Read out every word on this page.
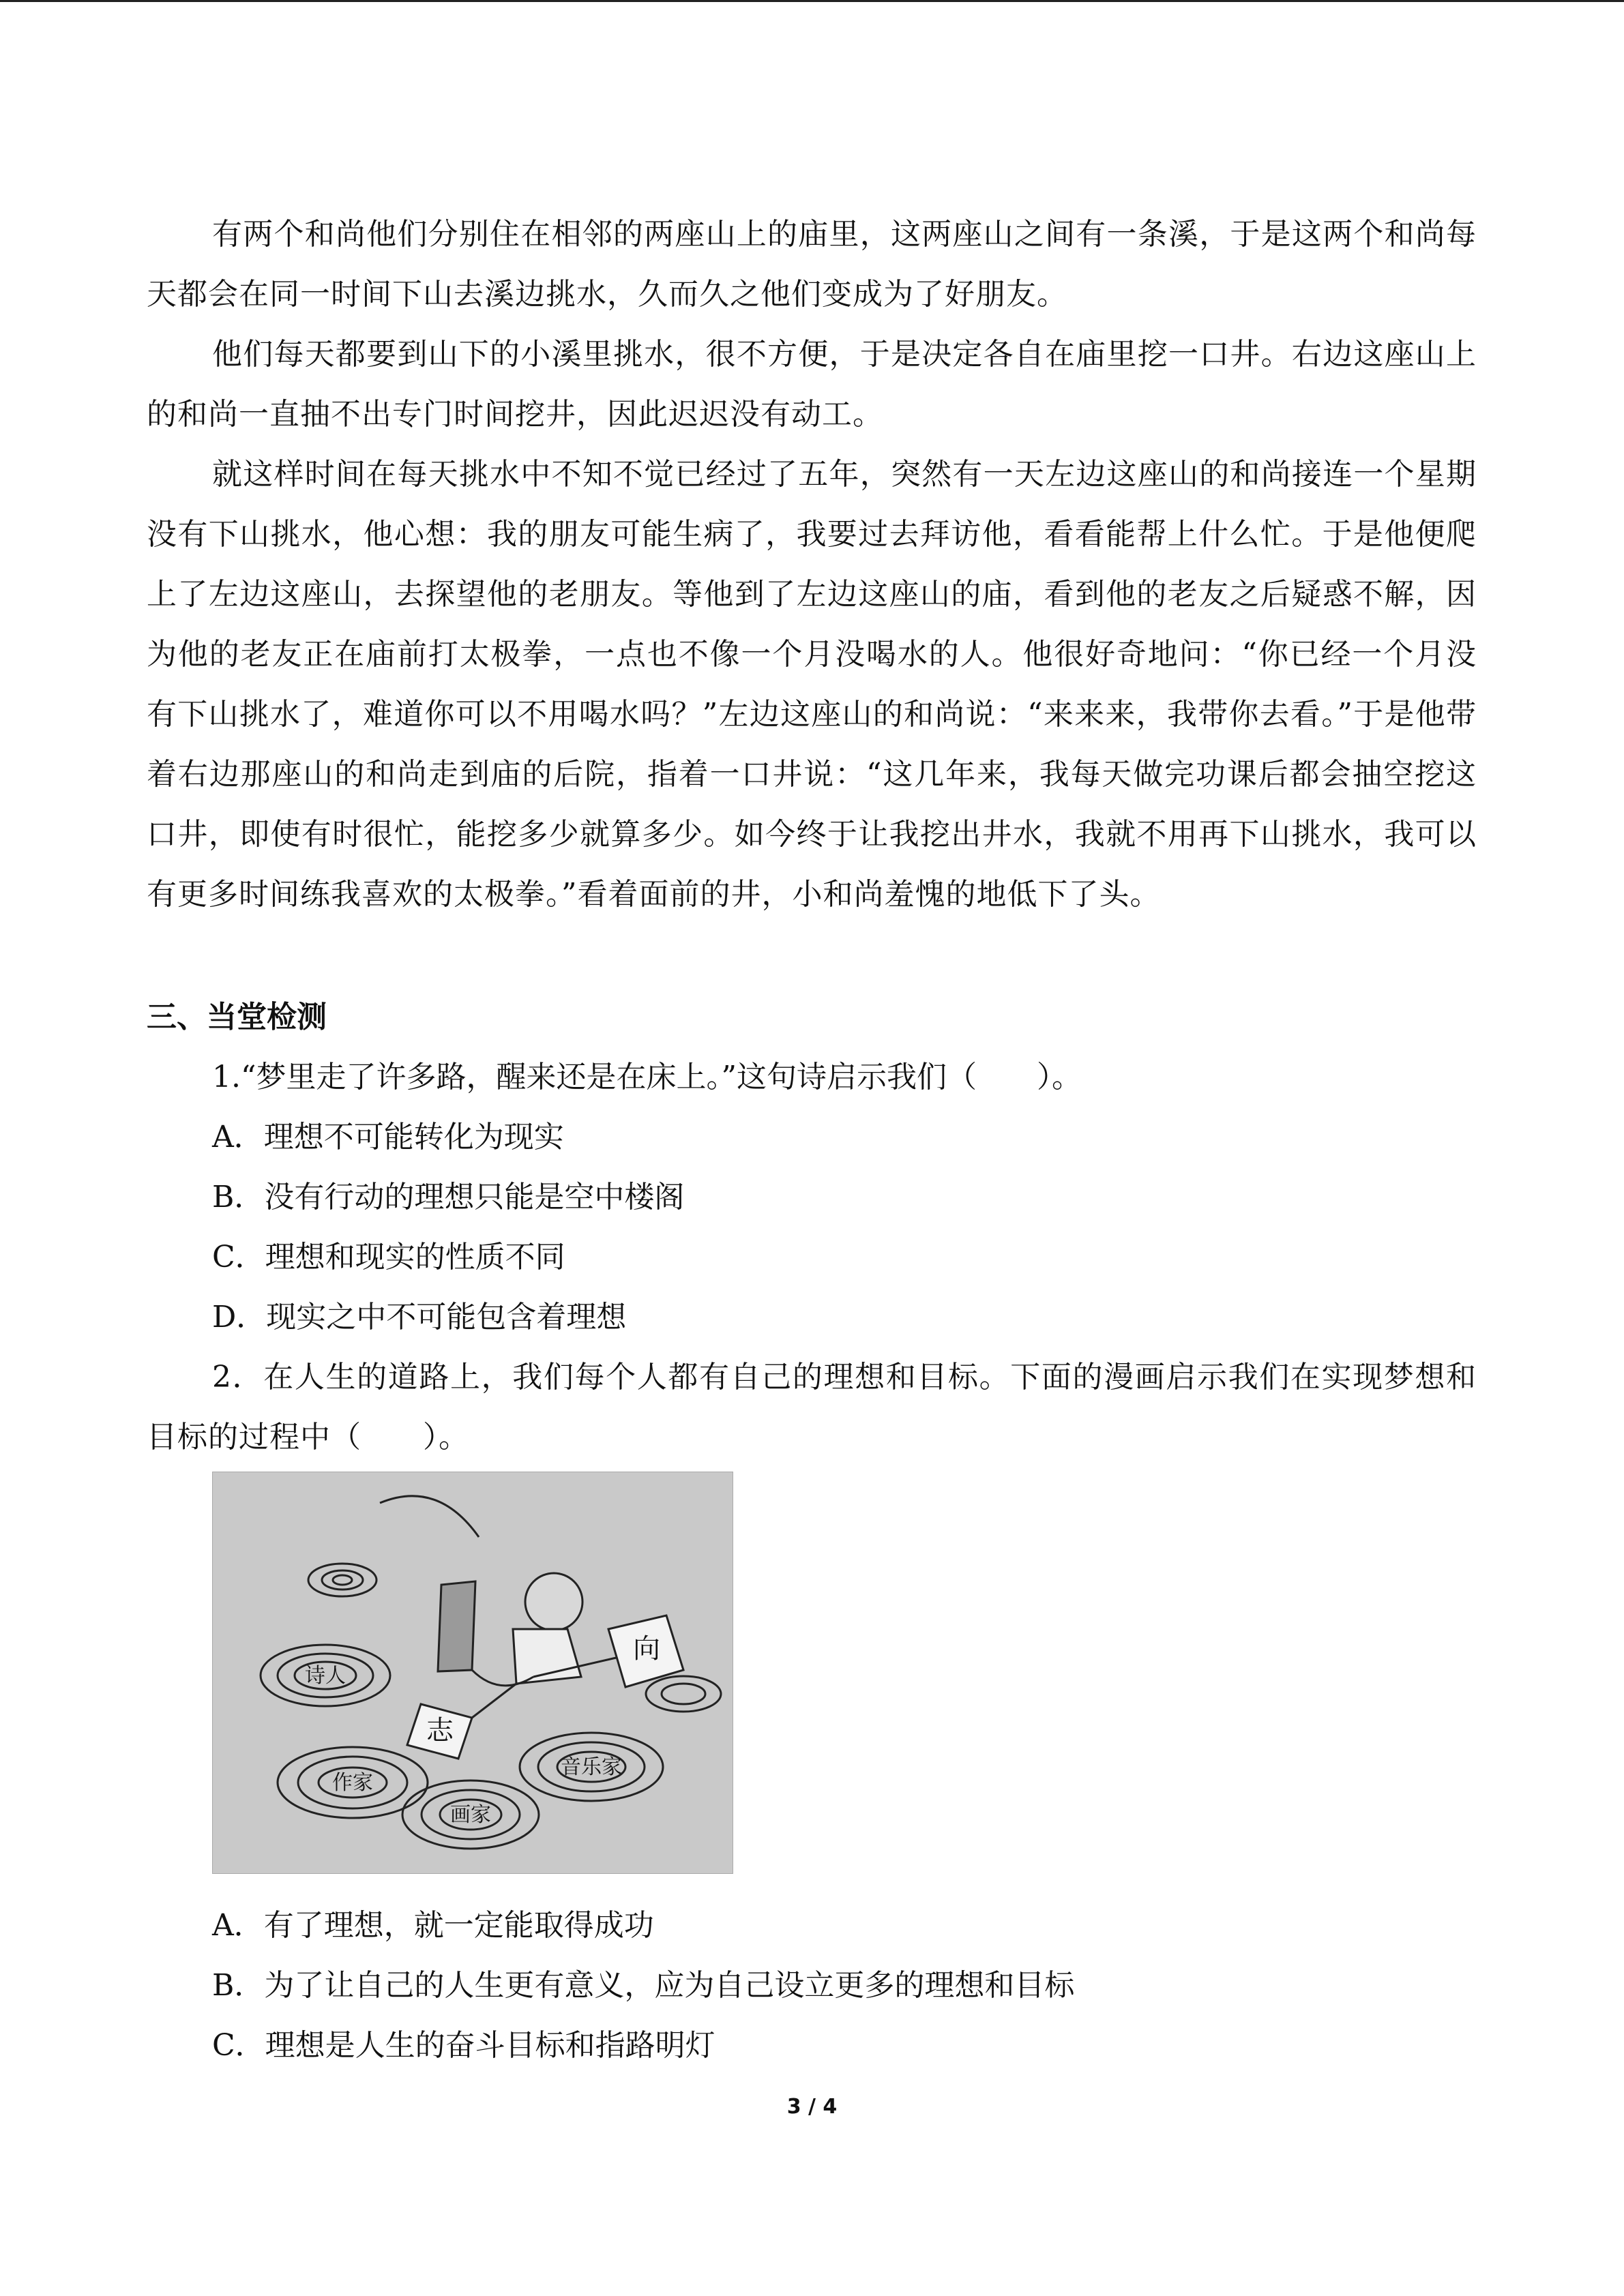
有两个和尚他们分别住在相邻的两座山上的庙里，这两座山之间有一条溪，于是这两个和尚每天都会在同一时间下山去溪边挑水，久而久之他们变成为了好朋友。

他们每天都要到山下的小溪里挑水，很不方便，于是决定各自在庙里挖一口井。右边这座山上的和尚一直抽不出专门时间挖井，因此迟迟没有动工。

就这样时间在每天挑水中不知不觉已经过了五年，突然有一天左边这座山的和尚接连一个星期没有下山挑水，他心想：我的朋友可能生病了，我要过去拜访他，看看能帮上什么忙。于是他便爬上了左边这座山，去探望他的老朋友。等他到了左边这座山的庙，看到他的老友之后疑惑不解，因为他的老友正在庙前打太极拳，一点也不像一个月没喝水的人。他很好奇地问：“你已经一个月没有下山挑水了，难道你可以不用喝水吗？”左边这座山的和尚说：“来来来，我带你去看。”于是他带着右边那座山的和尚走到庙的后院，指着一口井说：“这几年来，我每天做完功课后都会抽空挖这口井，即使有时很忙，能挖多少就算多少。如今终于让我挖出井水，我就不用再下山挑水，我可以有更多时间练我喜欢的太极拳。”看着面前的井，小和尚羞愧的地低下了头。

三、当堂检测

1.“梦里走了许多路，醒来还是在床上。”这句诗启示我们（　　）。

A．理想不可能转化为现实

B．没有行动的理想只能是空中楼阁

C．理想和现实的性质不同

D．现实之中不可能包含着理想

2．在人生的道路上，我们每个人都有自己的理想和目标。下面的漫画启示我们在实现梦想和目标的过程中（　　）。

诗人
作家
画家
音乐家
志
向

A．有了理想，就一定能取得成功

B．为了让自己的人生更有意义，应为自己设立更多的理想和目标

C．理想是人生的奋斗目标和指路明灯

3 / 4
